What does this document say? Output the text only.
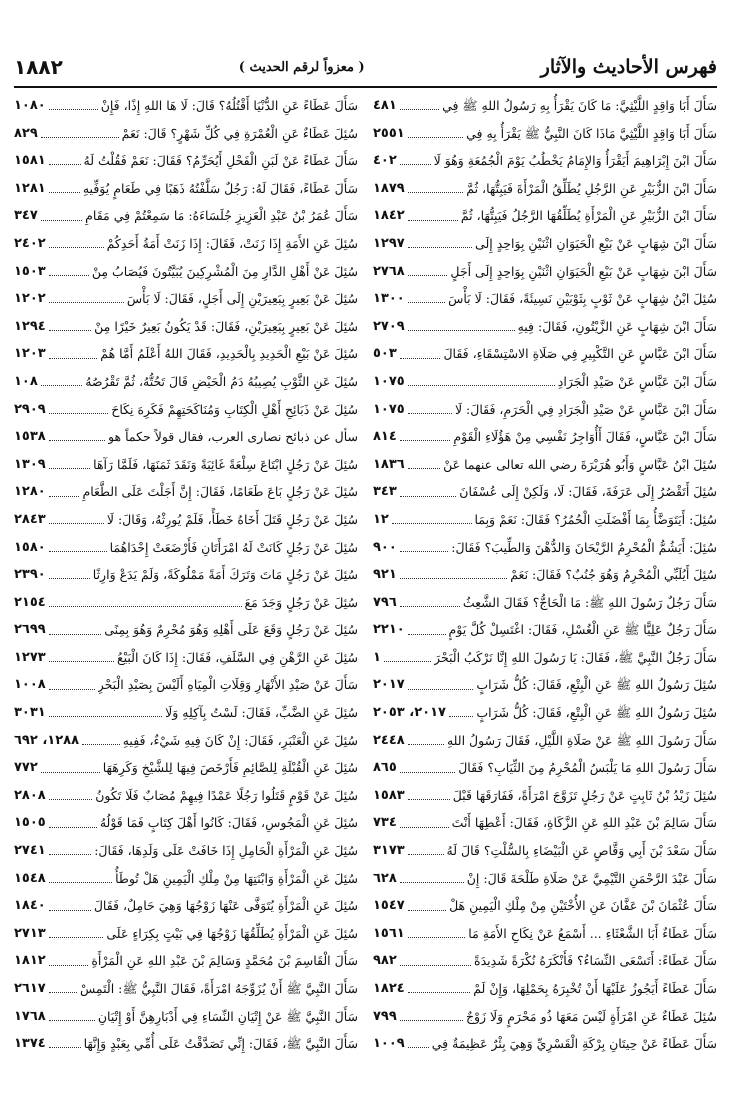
١٨٨٢	( معزواً لرقم الحديث )	فهرس الأحاديث والآثار
سَأَلَ أَبَا وَاقِدٍ اللَّيْثِيَّ: مَا كَانَ يَقْرَأُ بِهِ رَسُولُ اللهِ ﷺ فِي
٤٨١
سَأَلَ أَبَا وَاقِدٍ اللَّيْثِيَّ مَاذَا كَانَ النَّبِيُّ ﷺ يَقْرَأُ بِهِ فِي
٢٥٥١
سَأَلَ ابْنَ إِبْرَاهِيمَ أَيَقْرَأُ وَالإِمَامُ يَخْطُبُ يَوْمَ الْجُمُعَةِ وَهُوَ لَا
٤٠٢
سَأَلَ ابْنَ الزُّبَيْرِ عَنِ الرَّجُلِ يُطَلِّقُ الْمَرْأَةَ فَيَبِتُّهَا، ثُمَّ
١٨٧٩
سَأَلَ ابْنَ الزُّبَيْرِ عَنِ الْمَرْأَةِ يُطَلِّقُهَا الرَّجُلُ فَيَبِتُّهَا، ثُمَّ
١٨٤٢
سَأَلَ ابْنَ شِهَابٍ عَنْ بَيْعِ الْحَيَوَانِ اثْنَيْنِ بِوَاحِدٍ إِلَى
١٢٩٧
سَأَلَ ابْنَ شِهَابٍ عَنْ بَيْعِ الْحَيَوَانِ اثْنَيْنِ بِوَاحِدٍ إِلَى أَجَلٍ
٢٧٦٨
سُئِلَ ابْنُ شِهَابٍ عَنْ ثَوْبٍ بِثَوْبَيْنِ نَسِيئَةً، فَقَالَ: لَا بَأْسَ
١٣٠٠
سَأَلَ ابْنَ شِهَابٍ عَنِ الزَّيْتُونِ، فَقَالَ: فِيهِ
٢٧٠٩
سَأَلَ ابْنَ عَبَّاسٍ عَنِ التَّكْبِيرِ فِي صَلَاةِ الاسْتِسْقَاءِ، فَقَالَ
٥٠٣
سَأَلَ ابْنَ عَبَّاسٍ عَنْ صَيْدِ الْجَرَادِ
١٠٧٥
سَأَلَ ابْنَ عَبَّاسٍ عَنْ صَيْدِ الْجَرَادِ فِي الْحَرَمِ، فَقَالَ: لَا
١٠٧٥
سَأَلَ ابْنَ عَبَّاسٍ، فَقَالَ أَأُوَاجِرُ نَفْسِي مِنْ هَؤُلَاءِ الْقَوْمِ
٨١٤
سُئِلَ ابْنُ عَبَّاسٍ وَأَبُو هُرَيْرَةَ رضي الله تعالى عنهما عَنْ
١٨٣٦
سُئِلَ أَتَقْصُرُ إِلَى عَرَفَةَ، فَقَالَ: لَا، وَلَكِنْ إِلَى عُسْفَانَ
٣٤٣
سُئِلَ: أَيَتَوَضَّأُ بِمَا أَفْضَلَتِ الْحُمُرُ؟ فَقَالَ: نَعَمْ وَبِمَا
١٢
سُئِلَ: أَيَشُمُّ الْمُحْرِمُ الرَّيْحَانَ وَالدُّهْنَ وَالطِّيبَ؟ فَقَالَ:
٩٠٠
سُئِلَ أَيُلَبِّي الْمُحْرِمُ وَهُوَ جُنُبٌ؟ فَقَالَ: نَعَمْ
٩٢١
سَأَلَ رَجُلٌ رَسُولَ اللهِ ﷺ: مَا الْحَاجُّ؟ فَقَالَ الشَّعِثُ
٧٩٦
سَأَلَ رَجُلٌ عَلِيًّا ﷺ عَنِ الْغُسْلِ، فَقَالَ: اغْتَسِلْ كُلَّ يَوْمٍ
٢٢١٠
سَأَلَ رَجُلٌ النَّبِيَّ ﷺ، فَقَالَ: يَا رَسُولَ اللهِ إِنَّا نَرْكَبُ الْبَحْرَ
١
سُئِلَ رَسُولُ اللهِ ﷺ عَنِ الْبِتْعِ، فَقَالَ: كُلُّ شَرَابٍ
٢٠١٧
سُئِلَ رَسُولُ اللهِ ﷺ عَنِ الْبِتْعِ، فَقَالَ: كُلُّ شَرَابٍ
٢٠١٧، ٢٠٥٣
سَأَلَ رَسُولَ اللهِ ﷺ عَنْ صَلَاةِ اللَّيْلِ، فَقَالَ رَسُولُ اللهِ
٢٤٤٨
سَأَلَ رَسُولَ اللهِ مَا يَلْبَسُ الْمُحْرِمُ مِنَ الثِّيَابِ؟ فَقَالَ
٨٦٥
سُئِلَ زَيْدُ بْنُ ثَابِتٍ عَنْ رَجُلٍ تَزَوَّجَ امْرَأَةً، فَفَارَقَهَا قَبْلَ
١٥٨٣
سَأَلَ سَالِمَ بْنَ عَبْدِ اللهِ عَنِ الزَّكَاةِ، فَقَالَ: أَعْطِهَا أَنْتَ
٧٣٤
سَأَلَ سَعْدَ بْنَ أَبِي وَقَّاصٍ عَنِ الْبَيْضَاءِ بِالسُّلْتِ؟ قَالَ لَهُ
٣١٧٣
سَأَلَ عَبْدَ الرَّحْمَنِ التَّيْمِيَّ عَنْ صَلَاةِ طَلْحَةَ قَالَ: إِنْ
٦٢٨
سَأَلَ عُثْمَانَ بْنَ عَفَّانَ عَنِ الأُخْتَيْنِ مِنْ مِلْكِ الْيَمِينِ هَلْ
١٥٤٧
سَأَلَ عَطَاءٌ أَبَا الشَّعْثَاءِ ... أَسْمَعُ عَنْ نِكَاحِ الأَمَةِ مَا
١٥٦١
سَأَلَ عَطَاءً: أَتَسْعَى النِّسَاءُ؟ فَأَنْكَرَهُ نُكْرَةً شَدِيدَةً
٩٨٢
سَأَلَ عَطَاءً أَيَجُوزُ عَلَيْهَا أَنْ تُخْبِرَهُ بِحَمْلِهَا، وَإِنْ لَمْ
١٨٢٤
سُئِلَ عَطَاءٌ عَنِ امْرَأَةٍ لَيْسَ مَعَهَا ذُو مَحْرَمٍ وَلَا زَوْجٌ
٧٩٩
سَأَلَ عَطَاءً عَنْ حِيتَانِ بِرْكَةِ الْقَسْرِيِّ وَهِيَ بِئْرٌ عَظِيمَةٌ فِي
١٠٠٩
سَأَلَ عَطَاءً عَنِ الدُّنْيَا أَقْتُلُهُ؟ قَالَ: لَا هَا اللهِ إِذًا، فَإِنْ
١٠٨٠
سُئِلَ عَطَاءٌ عَنِ الْعُمْرَةِ فِي كُلِّ شَهْرٍ؟ قَالَ: نَعَمْ
٨٢٩
سَأَلَ عَطَاءً عَنْ لَبَنِ الْفَحْلِ أَيُحَرِّمُ؟ فَقَالَ: نَعَمْ فَقُلْتُ لَهُ
١٥٨١
سَأَلَ عَطَاءً، فَقَالَ لَهُ: رَجُلٌ سَلَّفْتُهُ ذَهَبًا فِي طَعَامٍ يُوَفِّيهِ
١٢٨١
سَأَلَ عُمَرُ بْنُ عَبْدِ الْعَزِيزِ جُلَسَاءَهُ: مَا سَمِعْتُمْ فِي مَقَامِ
٣٤٧
سُئِلَ عَنِ الأَمَةِ إِذَا زَنَتْ، فَقَالَ: إِذَا زَنَتْ أَمَةُ أَحَدِكُمْ
٢٤٠٢
سُئِلَ عَنْ أَهْلِ الدَّارِ مِنَ الْمُشْرِكِينَ يُبَيَّتُونَ فَيُصَابُ مِنْ
١٥٠٣
سُئِلَ عَنْ بَعِيرٍ بِبَعِيرَيْنِ إِلَى أَجَلٍ، فَقَالَ: لَا بَأْسَ
١٢٠٢
سُئِلَ عَنْ بَعِيرٍ بِبَعِيرَيْنِ، فَقَالَ: قَدْ يَكُونُ بَعِيرٌ خَيْرًا مِنْ
١٢٩٤
سُئِلَ عَنْ بَيْعِ الْحَدِيدِ بِالْحَدِيدِ، فَقَالَ اللهُ أَعْلَمُ أَمَّا هُمْ
١٢٠٣
سُئِلَ عَنِ الثَّوْبِ يُصِيبُهُ دَمُ الْحَيْضِ قَالَ تَحُتُّهُ، ثُمَّ تَقْرُصُهُ
١٠٨
سُئِلَ عَنْ ذَبَائِحِ أَهْلِ الْكِتَابِ وَمُنَاكَحَتِهِمْ فَكَرِهَ نِكَاحَ
٢٩٠٩
سأل عن ذبائح نصارى العرب، فقال قولاً حكماً هو
١٥٣٨
سُئِلَ عَنْ رَجُلٍ ابْتَاعَ سِلْعَةً غَائِبَةً وَنَقَدَ ثَمَنَهَا، فَلَمَّا رَآهَا
١٣٠٩
سُئِلَ عَنْ رَجُلٍ بَاعَ طَعَامًا، فَقَالَ: إِنَّ أَجَلْتَ عَلَى الطَّعَامِ
١٢٨٠
سُئِلَ عَنْ رَجُلٍ قَتَلَ أَخَاهُ خَطَأً، فَلَمْ يُورِثْهُ، وَقَالَ: لَا
٢٨٤٣
سُئِلَ عَنْ رَجُلٍ كَانَتْ لَهُ امْرَأَتَانِ فَأَرْضَعَتْ إِحْدَاهُمَا
١٥٨٠
سُئِلَ عَنْ رَجُلٍ مَاتَ وَتَرَكَ أَمَةً مَمْلُوكَةً، وَلَمْ يَدَعْ وَارِثًا
٢٣٩٠
سُئِلَ عَنْ رَجُلٍ وَجَدَ مَعَ
٢١٥٤
سُئِلَ عَنْ رَجُلٍ وَقَعَ عَلَى أَهْلِهِ وَهُوَ مُحْرِمٌ وَهُوَ بِمِنًى
٢٦٩٩
سُئِلَ عَنِ الرَّهْنِ فِي السَّلَفِ، فَقَالَ: إِذَا كَانَ الْبَيْعُ
١٢٧٣
سَأَلَ عَنْ صَيْدِ الأَنْهَارِ وَقِلَاتِ الْمِيَاهِ أَلَيْسَ بِصَيْدِ الْبَحْرِ
١٠٠٨
سُئِلَ عَنِ الضَّبِّ، فَقَالَ: لَسْتُ بِآكِلِهِ وَلَا
٣٠٣١
سُئِلَ عَنِ الْعَنْبَرِ، فَقَالَ: إِنْ كَانَ فِيهِ شَيْءٌ، فَفِيهِ
١٢٨٨، ٦٩٢
سُئِلَ عَنِ الْقُبْلَةِ لِلصَّائِمِ فَأَرْخَصَ فِيهَا لِلشَّيْخِ وَكَرِهَهَا
٧٧٢
سُئِلَ عَنْ قَوْمٍ قَتَلُوا رَجُلًا عَمْدًا فِيهِمْ مُصَابٌ فَلَا تَكُونُ
٢٨٠٨
سُئِلَ عَنِ الْمَجُوسِ، فَقَالَ: كَانُوا أَهْلَ كِتَابٍ فَمَا قَوْلُهُ
١٥٠٥
سُئِلَ عَنِ الْمَرْأَةِ الْحَامِلِ إِذَا خَافَتْ عَلَى وَلَدِهَا، فَقَالَ:
٢٧٤١
سُئِلَ عَنِ الْمَرْأَةِ وَابْنَتِهَا مِنْ مِلْكِ الْيَمِينِ هَلْ تُوطَأُ
١٥٤٨
سُئِلَ عَنِ الْمَرْأَةِ يُتَوَفَّى عَنْهَا زَوْجُهَا وَهِيَ حَامِلٌ، فَقَالَ
١٨٤٠
سُئِلَ عَنِ الْمَرْأَةِ يُطَلِّقُهَا زَوْجُهَا فِي بَيْتٍ بِكِرَاءٍ عَلَى
٢٧١٣
سَأَلَ الْقَاسِمَ بْنَ مُحَمَّدٍ وَسَالِمَ بْنَ عَبْدِ اللهِ عَنِ الْمَرْأَةِ
١٨١٢
سَأَلَ النَّبِيَّ ﷺ أَنْ يُزَوِّجَهُ امْرَأَةً، فَقَالَ النَّبِيُّ ﷺ: الْتَمِسْ
٢٦١٧
سَأَلَ النَّبِيَّ ﷺ عَنْ إِتْيَانِ النِّسَاءِ فِي أَدْبَارِهِنَّ أَوْ إِتْيَانِ
١٧٦٨
سَأَلَ النَّبِيَّ ﷺ، فَقَالَ: إِنِّي تَصَدَّقْتُ عَلَى أُمِّي بِعَبْدٍ وَإِنَّهَا
١٣٧٤
